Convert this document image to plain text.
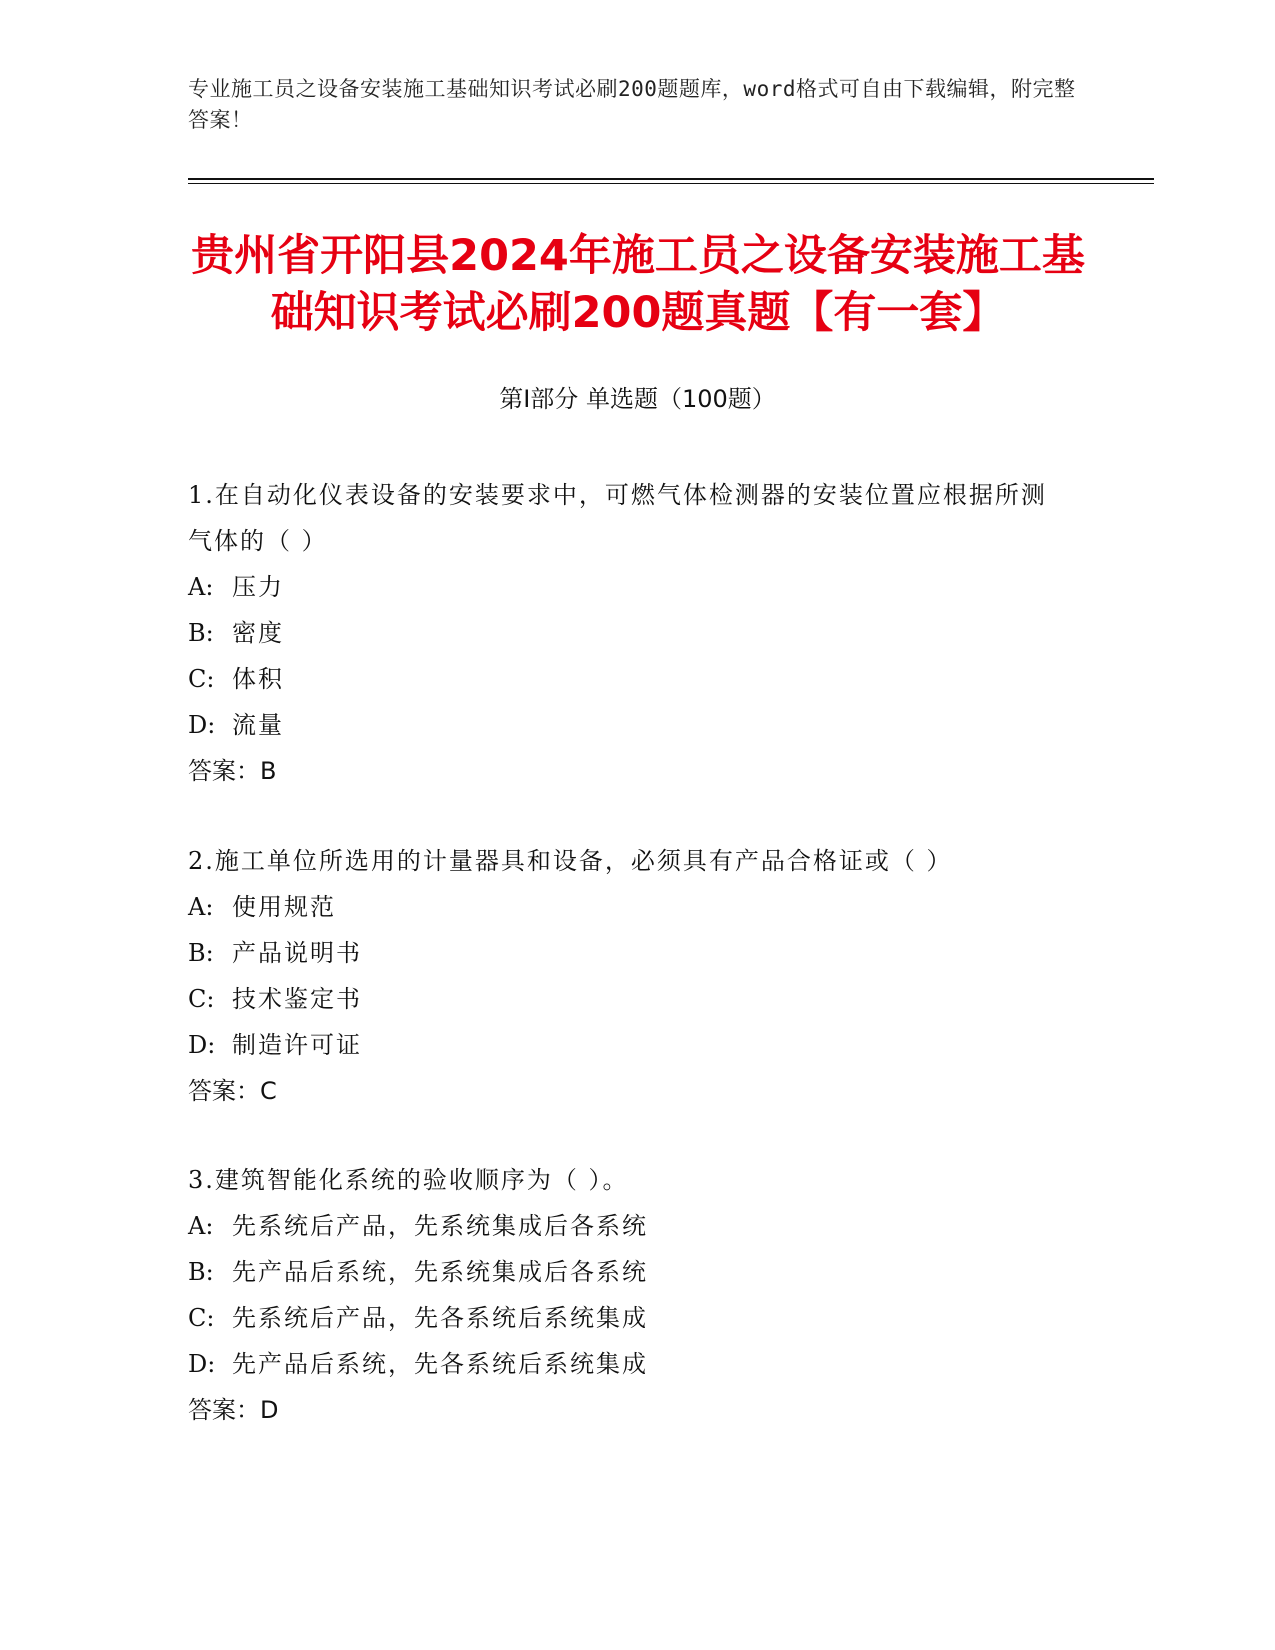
专业施工员之设备安装施工基础知识考试必刷200题题库，word格式可自由下载编辑，附完整答案！
贵州省开阳县2024年施工员之设备安装施工基础知识考试必刷200题真题【有一套】
第Ⅰ部分 单选题（100题）
1.在自动化仪表设备的安装要求中，可燃气体检测器的安装位置应根据所测气体的（ ）
A: 压力
B: 密度
C: 体积
D: 流量
答案：B
2.施工单位所选用的计量器具和设备，必须具有产品合格证或（ ）
A: 使用规范
B: 产品说明书
C: 技术鉴定书
D: 制造许可证
答案：C
3.建筑智能化系统的验收顺序为（ ）。
A: 先系统后产品，先系统集成后各系统
B: 先产品后系统，先系统集成后各系统
C: 先系统后产品，先各系统后系统集成
D: 先产品后系统，先各系统后系统集成
答案：D
